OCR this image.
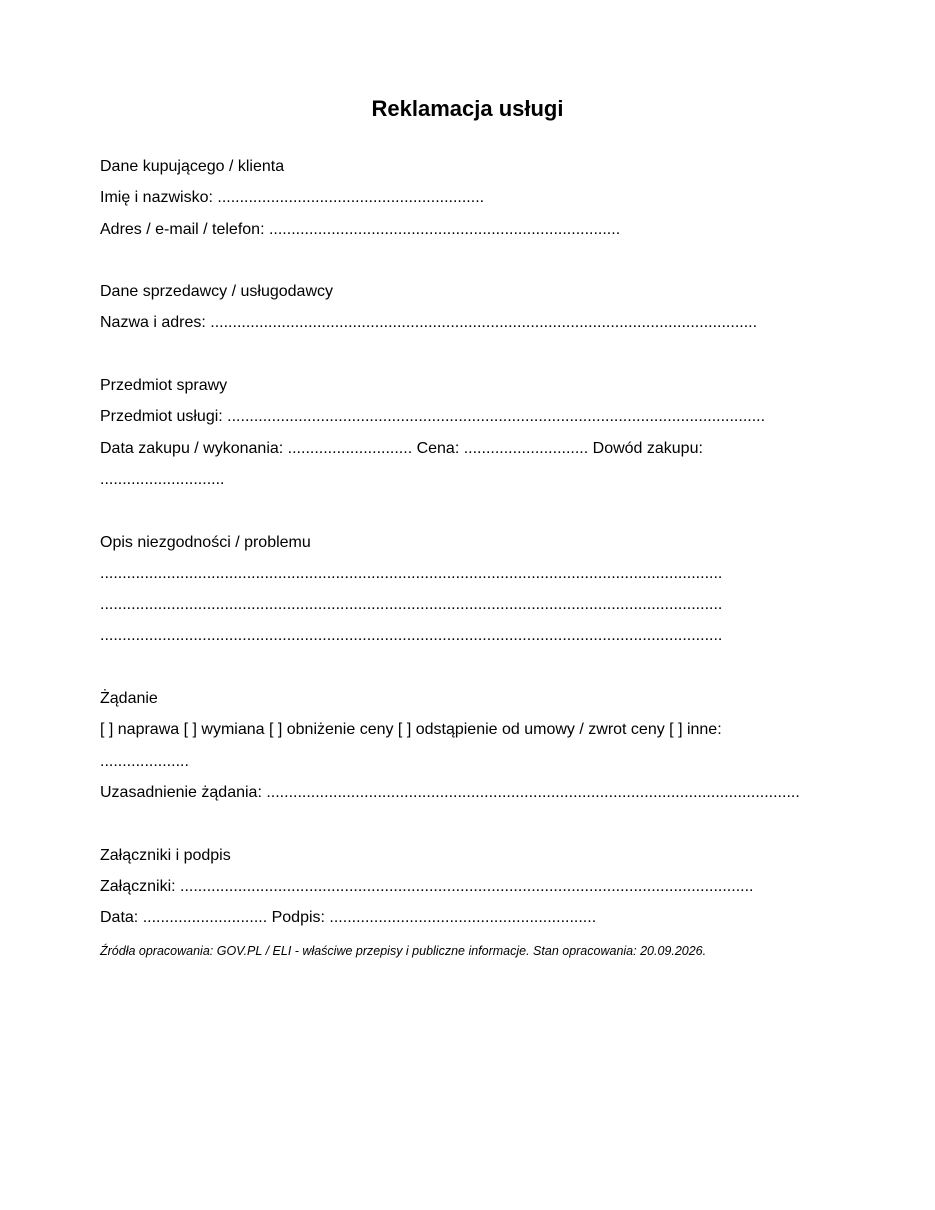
Reklamacja usługi

Dane kupującego / klienta

Imię i nazwisko: ............................................................

Adres / e-mail / telefon: ...............................................................................

Dane sprzedawcy / usługodawcy

Nazwa i adres: ...........................................................................................................................

Przedmiot sprawy

Przedmiot usługi: .........................................................................................................................

Data zakupu / wykonania: ............................ Cena: ............................ Dowód zakupu:

............................

Opis niezgodności / problemu

............................................................................................................................................

............................................................................................................................................

............................................................................................................................................

Żądanie

[ ] naprawa [ ] wymiana [ ] obniżenie ceny [ ] odstąpienie od umowy / zwrot ceny [ ] inne:

....................

Uzasadnienie żądania: ........................................................................................................................

Załączniki i podpis

Załączniki: .................................................................................................................................

Data: ............................ Podpis: ............................................................

Źródła opracowania: GOV.PL / ELI - właściwe przepisy i publiczne informacje. Stan opracowania: 20.09.2026.
